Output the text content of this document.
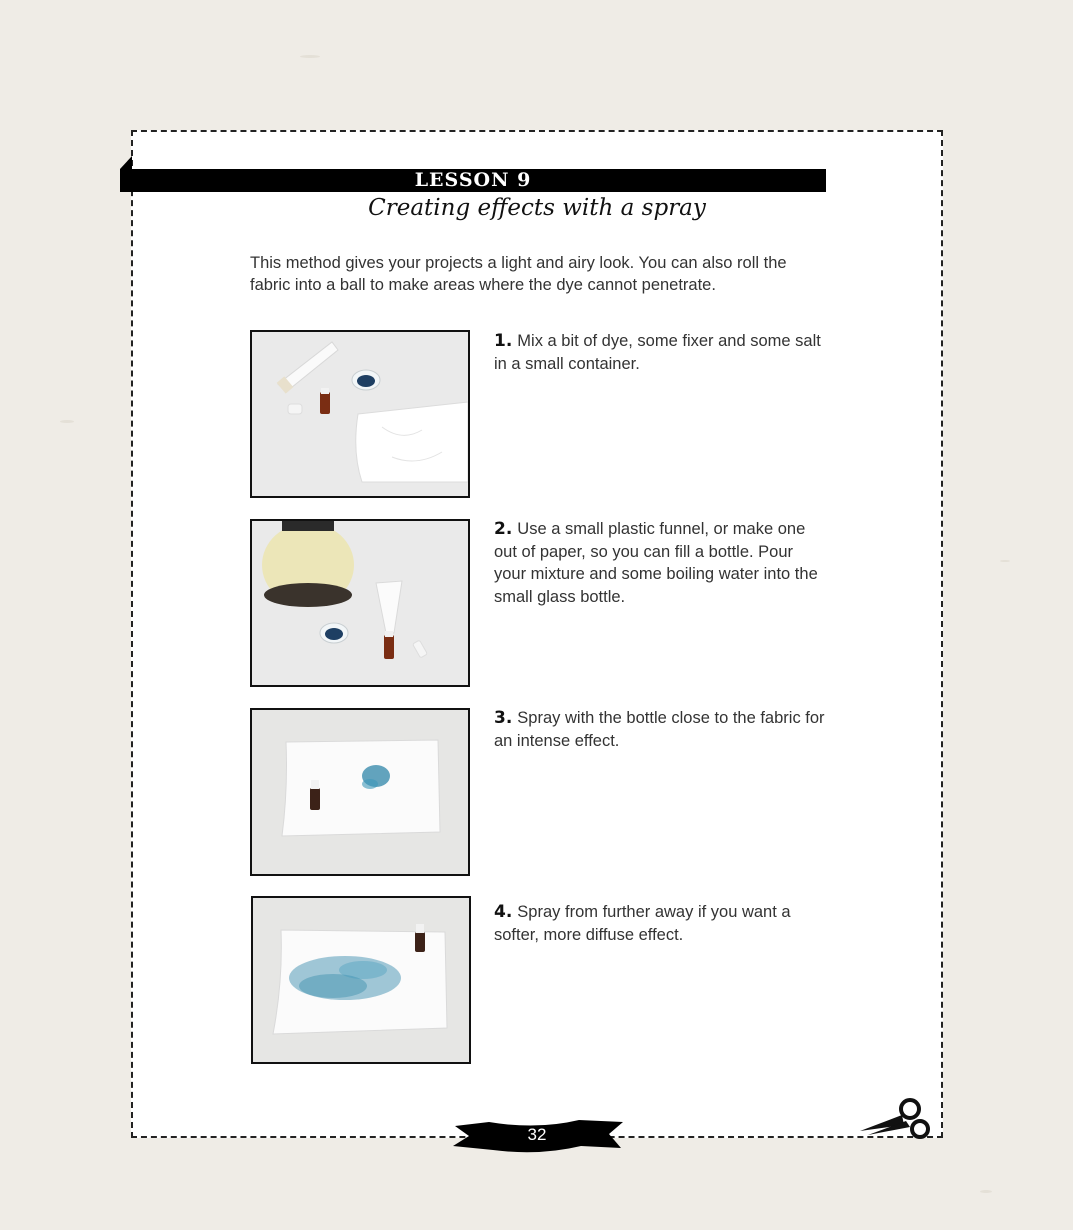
LESSON 9
Creating effects with a spray
This method gives your projects a light and airy look. You can also roll the fabric into a ball to make areas where the dye cannot penetrate.
1. Mix a bit of dye, some fixer and some salt in a small container.
2. Use a small plastic funnel, or make one out of paper, so you can fill a bottle. Pour your mixture and some boiling water into the small glass bottle.
3. Spray with the bottle close to the fabric for an intense effect.
4. Spray from further away if you want a softer, more diffuse effect.
32
